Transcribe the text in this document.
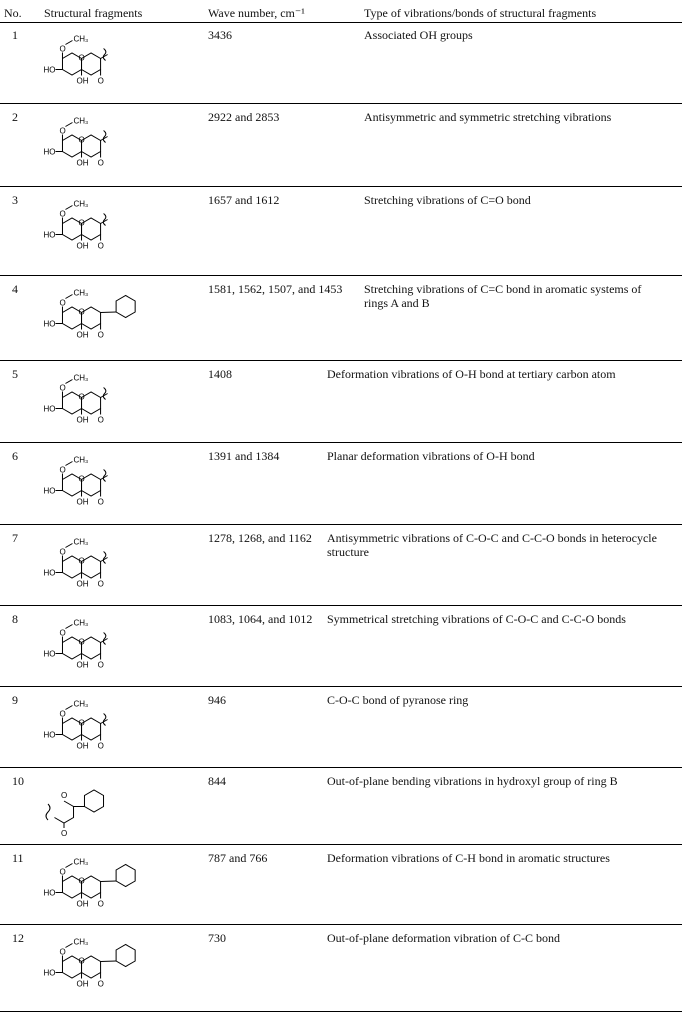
No. Structural fragments	Wave number, cm⁻¹	Type of vibrations/bonds of structural fragments
1
O
CH₃
O
HO
OH O
3436	Associated OH groups
2
O
CH₃
O
HO
OH O
2922 and 2853	Antisymmetric and symmetric stretching vibrations
3
O
CH₃
O
HO
OH O
1657 and 1612	Stretching vibrations of C=O bond
4
O
CH₃
O
HO
OH O
1581, 1562, 1507, and 1453 Stretching vibrations of C=C bond in aromatic systems of rings A and B
5
O
CH₃
O
HO
OH O
1408	Deformation vibrations of O-H bond at tertiary carbon atom
6
O
CH₃
O
HO
OH O
1391 and 1384	Planar deformation vibrations of O-H bond
7
O
CH₃
O
HO
OH O
1278, 1268, and 1162 Antisymmetric vibrations of C-O-C and C-C-O bonds in heterocycle structure
8
O
CH₃
O
HO
OH O
1083, 1064, and 1012 Symmetrical stretching vibrations of C-O-C and C-C-O bonds
9
O
CH₃
O
HO
OH O
946	C-O-C bond of pyranose ring
10
O
O
844	Out-of-plane bending vibrations in hydroxyl group of ring B
11
O
CH₃
O
HO
OH O
787 and 766	Deformation vibrations of C-H bond in aromatic structures
12
O
CH₃
O
HO
OH O
730	Out-of-plane deformation vibration of C-C bond
